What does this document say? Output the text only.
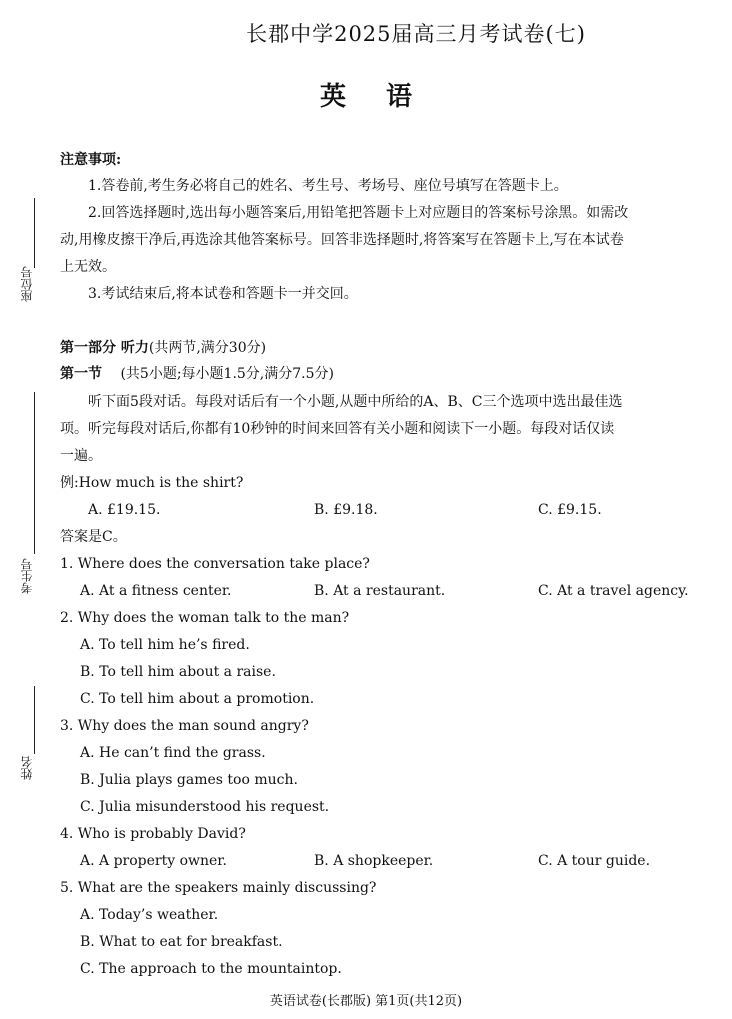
长郡中学2025届高三月考试卷(七)
英语
座位号
考生号
姓名
注意事项:
1.答卷前,考生务必将自己的姓名、考生号、考场号、座位号填写在答题卡上。
2.回答选择题时,选出每小题答案后,用铅笔把答题卡上对应题目的答案标号涂黑。如需改
动,用橡皮擦干净后,再选涂其他答案标号。回答非选择题时,将答案写在答题卡上,写在本试卷
上无效。
3.考试结束后,将本试卷和答题卡一并交回。
第一部分 听力(共两节,满分30分)
第一节 (共5小题;每小题1.5分,满分7.5分)
听下面5段对话。每段对话后有一个小题,从题中所给的A、B、C三个选项中选出最佳选
项。听完每段对话后,你都有10秒钟的时间来回答有关小题和阅读下一小题。每段对话仅读
一遍。
例:How much is the shirt?
A. £19.15.	B. £9.18.	C. £9.15.
答案是C。
1. Where does the conversation take place?
A. At a fitness center.	B. At a restaurant.	C. At a travel agency.
2. Why does the woman talk to the man?
A. To tell him he’s fired.
B. To tell him about a raise.
C. To tell him about a promotion.
3. Why does the man sound angry?
A. He can’t find the grass.
B. Julia plays games too much.
C. Julia misunderstood his request.
4. Who is probably David?
A. A property owner.	B. A shopkeeper.	C. A tour guide.
5. What are the speakers mainly discussing?
A. Today’s weather.
B. What to eat for breakfast.
C. The approach to the mountaintop.
英语试卷(长郡版) 第1页(共12页)
